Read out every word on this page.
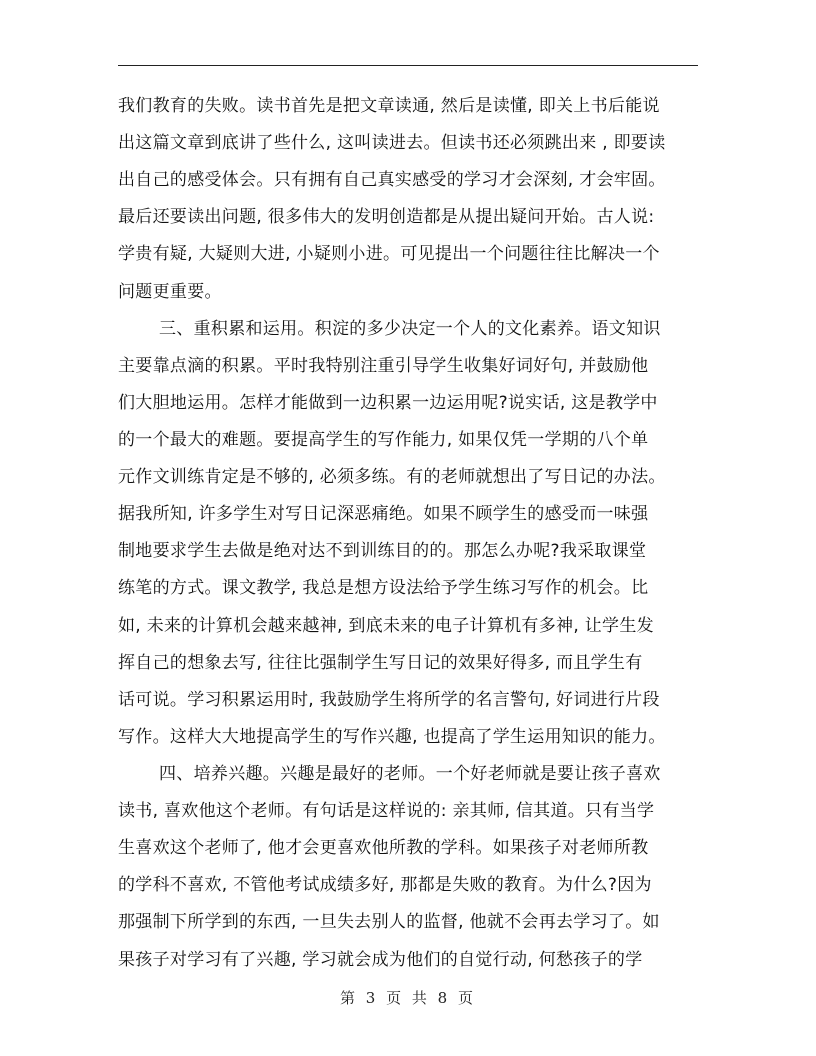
我们教育的失败。读书首先是把文章读通, 然后是读懂, 即关上书后能说
出这篇文章到底讲了些什么, 这叫读进去。但读书还必须跳出来 , 即要读
出自己的感受体会。只有拥有自己真实感受的学习才会深刻, 才会牢固。
最后还要读出问题, 很多伟大的发明创造都是从提出疑问开始。古人说:
学贵有疑, 大疑则大进, 小疑则小进。可见提出一个问题往往比解决一个
问题更重要。
三、重积累和运用。积淀的多少决定一个人的文化素养。语文知识
主要靠点滴的积累。平时我特别注重引导学生收集好词好句, 并鼓励他
们大胆地运用。怎样才能做到一边积累一边运用呢?说实话, 这是教学中
的一个最大的难题。要提高学生的写作能力, 如果仅凭一学期的八个单
元作文训练肯定是不够的, 必须多练。有的老师就想出了写日记的办法。
据我所知, 许多学生对写日记深恶痛绝。如果不顾学生的感受而一味强
制地要求学生去做是绝对达不到训练目的的。那怎么办呢?我采取课堂
练笔的方式。课文教学, 我总是想方设法给予学生练习写作的机会。比
如, 未来的计算机会越来越神, 到底未来的电子计算机有多神, 让学生发
挥自己的想象去写, 往往比强制学生写日记的效果好得多, 而且学生有
话可说。学习积累运用时, 我鼓励学生将所学的名言警句, 好词进行片段
写作。这样大大地提高学生的写作兴趣, 也提高了学生运用知识的能力。
四、培养兴趣。兴趣是最好的老师。一个好老师就是要让孩子喜欢
读书, 喜欢他这个老师。有句话是这样说的: 亲其师, 信其道。只有当学
生喜欢这个老师了, 他才会更喜欢他所教的学科。如果孩子对老师所教
的学科不喜欢, 不管他考试成绩多好, 那都是失败的教育。为什么?因为
那强制下所学到的东西, 一旦失去别人的监督, 他就不会再去学习了。如
果孩子对学习有了兴趣, 学习就会成为他们的自觉行动, 何愁孩子的学
第 3 页 共 8 页
